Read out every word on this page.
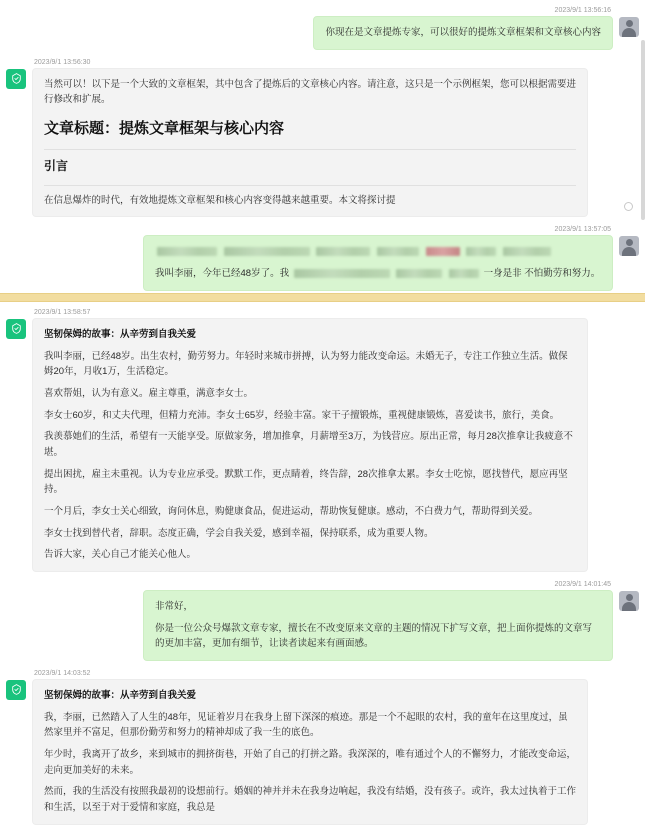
2023/9/1 13:56:16

你现在是文章提炼专家，可以很好的提炼文章框架和文章核心内容

2023/9/1 13:56:30

当然可以！以下是一个大致的文章框架，其中包含了提炼后的文章核心内容。请注意，这只是一个示例框架，您可以根据需要进行修改和扩展。

文章标题：提炼文章框架与核心内容
引言

在信息爆炸的时代，有效地提炼文章框架和核心内容变得越来越重要。本文将探讨提

2023/9/1 13:57:05

我叫李丽，今年已经48岁了。我	一身是非 不怕勤劳和努力。

2023/9/1 13:58:57

坚韧保姆的故事：从辛劳到自我关爱

我叫李丽，已经48岁。出生农村，勤劳努力。年轻时来城市拼搏，认为努力能改变命运。未婚无子，专注工作独立生活。做保姆20年，月收1万，生活稳定。

喜欢帮姐，认为有意义。雇主尊重，满意李女士。

李女士60岁，和丈夫代理，但精力充沛。李女士65岁，经验丰富。家干子擅锻炼，重视健康锻炼，喜爱读书，旅行，美食。

我羡慕她们的生活，希望有一天能享受。原做家务，增加推拿，月薪增至3万，为钱营应。原出正常，每月28次推拿让我疲意不堪。

提出困扰，雇主未重视。认为专业应承受。默默工作，更点睛着，终告辞，28次推拿太累。李女士吃惊，愿找替代，愿应再坚持。

一个月后，李女士关心细致，询问休息，购健康食品，促进运动，帮助恢复健康。感动，不白费力气，帮助得到关爱。

李女士找到替代者，辞职。态度正确，学会自我关爱，感到幸福，保持联系，成为重要人物。

告诉大家，关心自己才能关心他人。

2023/9/1 14:01:45

非常好，

你是一位公众号爆款文章专家，擅长在不改变原来文章的主题的情况下扩写文章，把上面你提炼的文章写的更加丰富，更加有细节，让读者读起来有画面感。

2023/9/1 14:03:52

坚韧保姆的故事：从辛劳到自我关爱

我，李丽，已然踏入了人生的48年，见证着岁月在我身上留下深深的痕迹。那是一个不起眼的农村，我的童年在这里度过，虽然家里并不富足，但那份勤劳和努力的精神却成了我一生的底色。

年少时，我离开了故乡，来到城市的拥挤街巷，开始了自己的打拼之路。我深深的，唯有通过个人的不懈努力，才能改变命运，走向更加美好的未来。

然而，我的生活没有按照我最初的设想前行。婚姻的神并并未在我身边响起，我没有结婚，没有孩子。或许，我太过执着于工作和生活，以至于对于爱情和家庭，我总是
